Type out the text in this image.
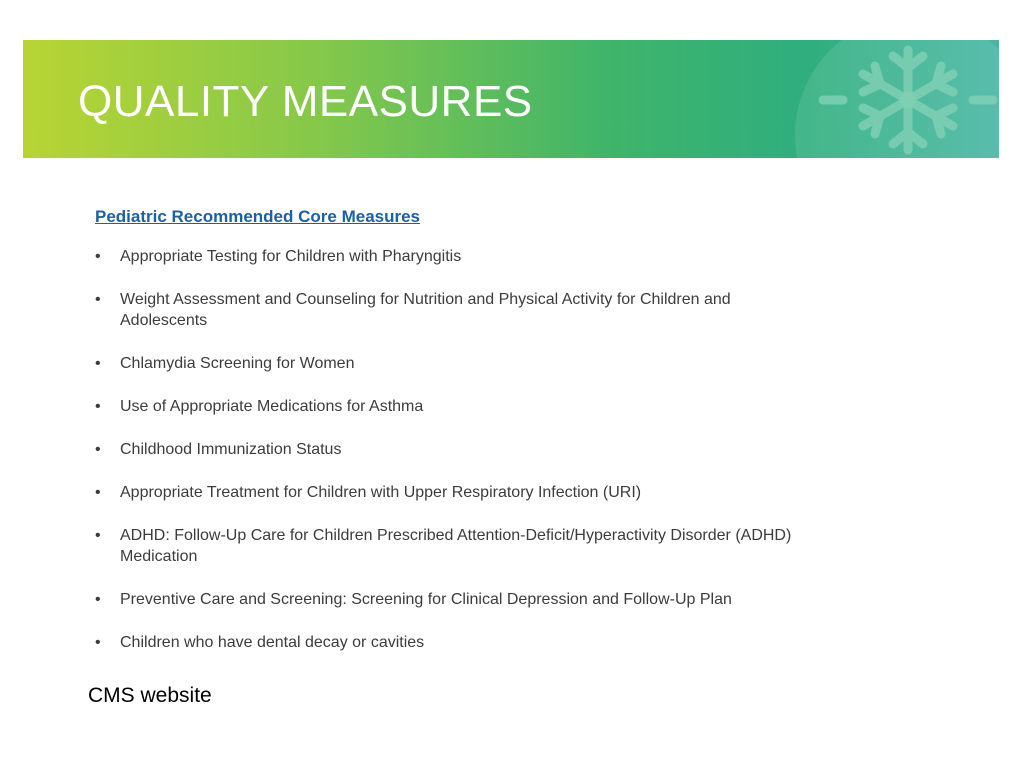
QUALITY MEASURES
Pediatric Recommended Core Measures
•	Appropriate Testing for Children with Pharyngitis
•	Weight Assessment and Counseling for Nutrition and Physical Activity for Children and Adolescents
•	Chlamydia Screening for Women
•	Use of Appropriate Medications for Asthma
•	Childhood Immunization Status
•	Appropriate Treatment for Children with Upper Respiratory Infection (URI)
•	ADHD: Follow-Up Care for Children Prescribed Attention-Deficit/Hyperactivity Disorder (ADHD) Medication
•	Preventive Care and Screening: Screening for Clinical Depression and Follow-Up Plan
•	Children who have dental decay or cavities
CMS website
